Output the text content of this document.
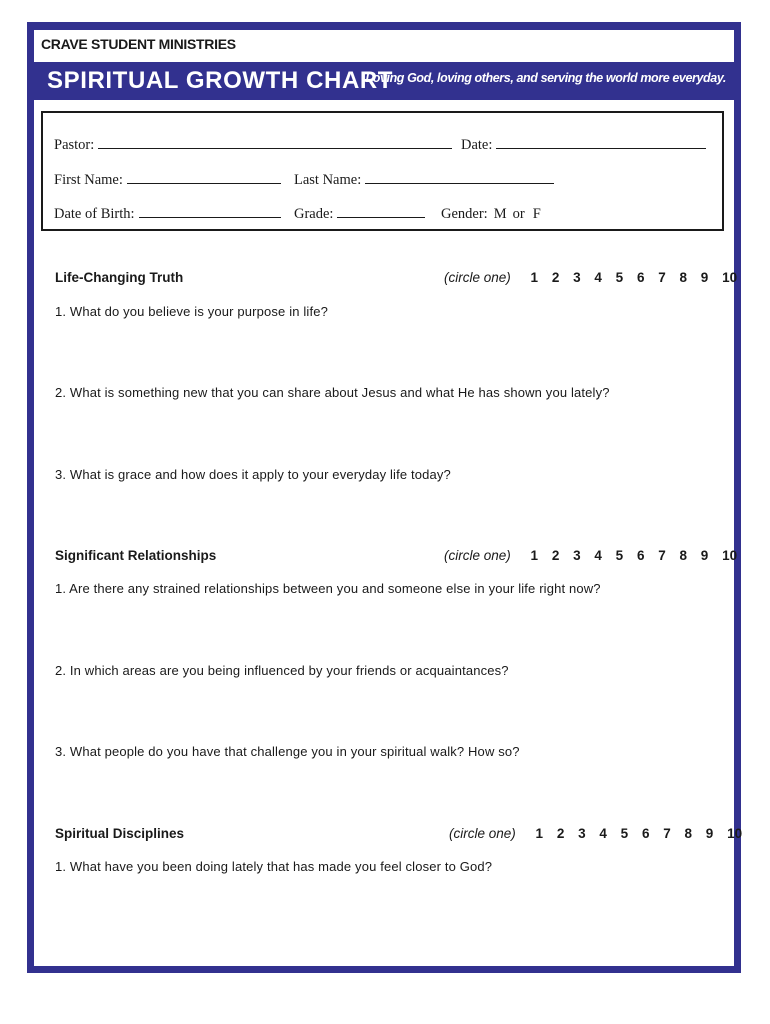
CRAVE STUDENT MINISTRIES
SPIRITUAL GROWTH CHART
Loving God, loving others, and serving the world more everyday.
Pastor:	Date:
First Name:	Last Name:
Date of Birth:	Grade:	Gender: M or F
Life-Changing Truth	(circle one) 1 2 3 4 5 6 7 8 9 10
1. What do you believe is your purpose in life?
2. What is something new that you can share about Jesus and what He has shown you lately?
3. What is grace and how does it apply to your everyday life today?
Significant Relationships	(circle one) 1 2 3 4 5 6 7 8 9 10
1. Are there any strained relationships between you and someone else in your life right now?
2. In which areas are you being influenced by your friends or acquaintances?
3. What people do you have that challenge you in your spiritual walk? How so?
Spiritual Disciplines	(circle one) 1 2 3 4 5 6 7 8 9 10
1. What have you been doing lately that has made you feel closer to God?
